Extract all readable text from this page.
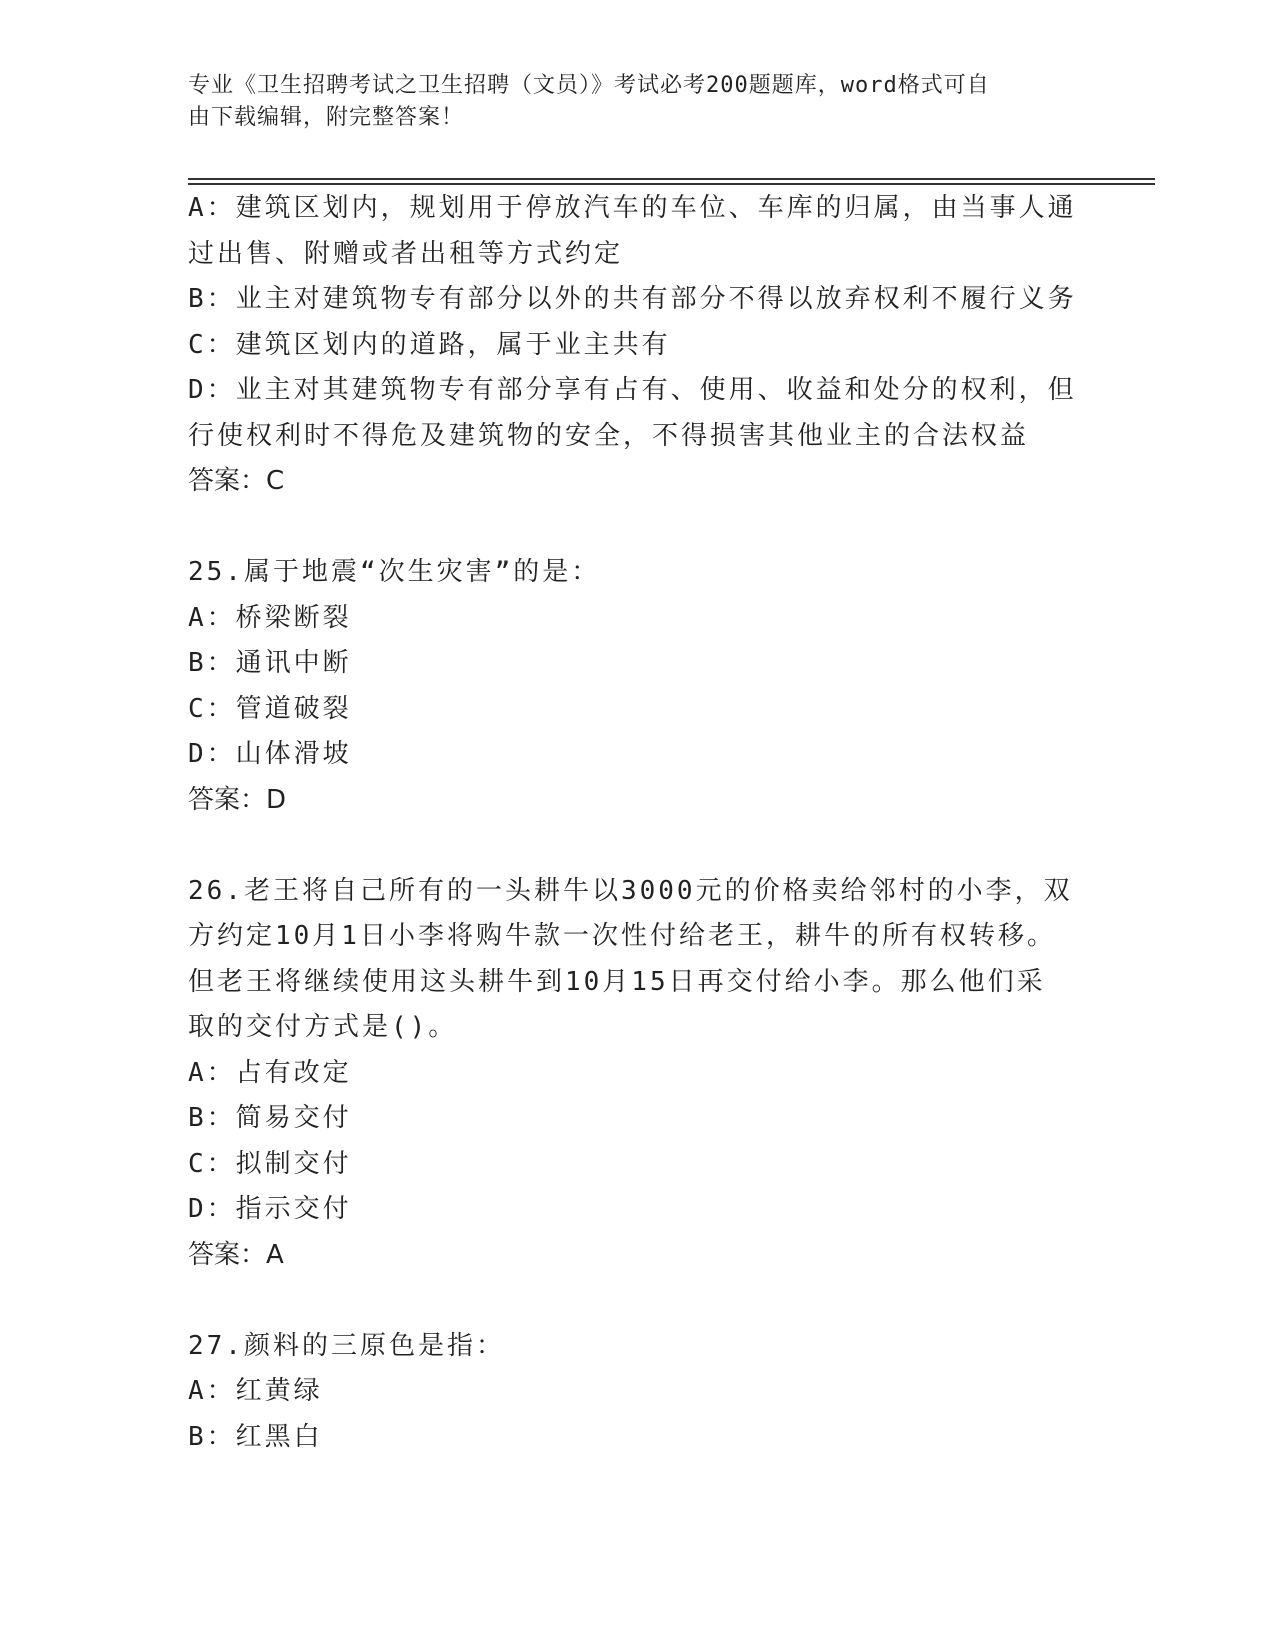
专业《卫生招聘考试之卫生招聘（文员）》考试必考200题题库，word格式可自
由下载编辑，附完整答案！
A：建筑区划内，规划用于停放汽车的车位、车库的归属，由当事人通
过出售、附赠或者出租等方式约定
B：业主对建筑物专有部分以外的共有部分不得以放弃权利不履行义务
C：建筑区划内的道路，属于业主共有
D：业主对其建筑物专有部分享有占有、使用、收益和处分的权利，但
行使权利时不得危及建筑物的安全，不得损害其他业主的合法权益
答案：C
25.属于地震“次生灾害”的是：
A：桥梁断裂
B：通讯中断
C：管道破裂
D：山体滑坡
答案：D
26.老王将自己所有的一头耕牛以3000元的价格卖给邻村的小李，双
方约定10月1日小李将购牛款一次性付给老王，耕牛的所有权转移。
但老王将继续使用这头耕牛到10月15日再交付给小李。那么他们采
取的交付方式是()。
A：占有改定
B：简易交付
C：拟制交付
D：指示交付
答案：A
27.颜料的三原色是指：
A：红黄绿
B：红黑白
